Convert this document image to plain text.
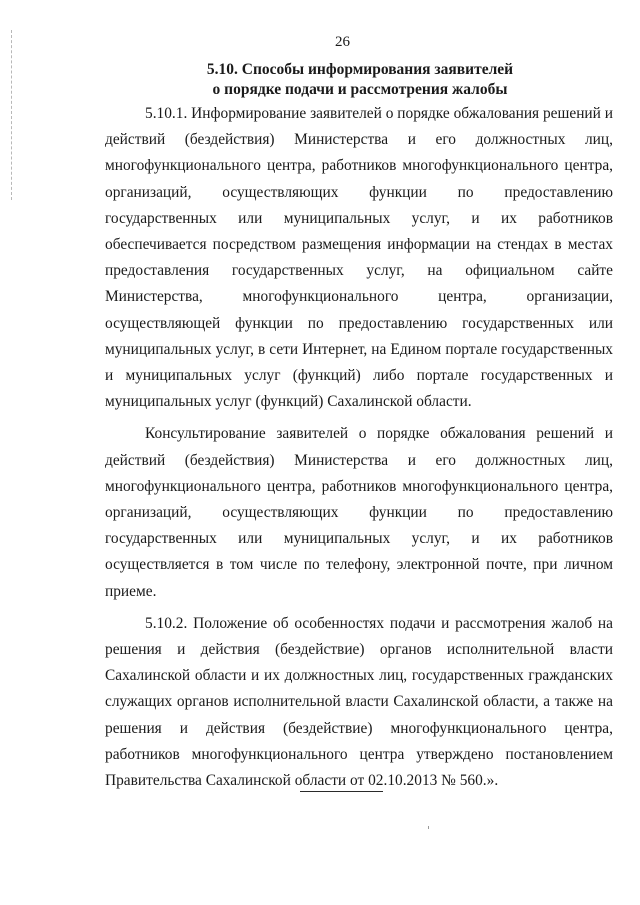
26
5.10. Способы информирования заявителей
о порядке подачи и рассмотрения жалобы

5.10.1. Информирование заявителей о порядке обжалования решений и действий (бездействия) Министерства и его должностных лиц, многофункционального центра, работников многофункционального центра, организаций, осуществляющих функции по предоставлению государственных или муниципальных услуг, и их работников обеспечивается посредством размещения информации на стендах в местах предоставления государственных услуг, на официальном сайте Министерства, многофункционального центра, организации, осуществляющей функции по предоставлению государственных или муниципальных услуг, в сети Интернет, на Едином портале государственных и муниципальных услуг (функций) либо портале государственных и муниципальных услуг (функций) Сахалинской области.

Консультирование заявителей о порядке обжалования решений и действий (бездействия) Министерства и его должностных лиц, многофункционального центра, работников многофункционального центра, организаций, осуществляющих функции по предоставлению государственных или муниципальных услуг, и их работников осуществляется в том числе по телефону, электронной почте, при личном приеме.

5.10.2. Положение об особенностях подачи и рассмотрения жалоб на решения и действия (бездействие) органов исполнительной власти Сахалинской области и их должностных лиц, государственных гражданских служащих органов исполнительной власти Сахалинской области, а также на решения и действия (бездействие) многофункционального центра, работников многофункционального центра утверждено постановлением Правительства Сахалинской области от 02.10.2013 № 560.».
